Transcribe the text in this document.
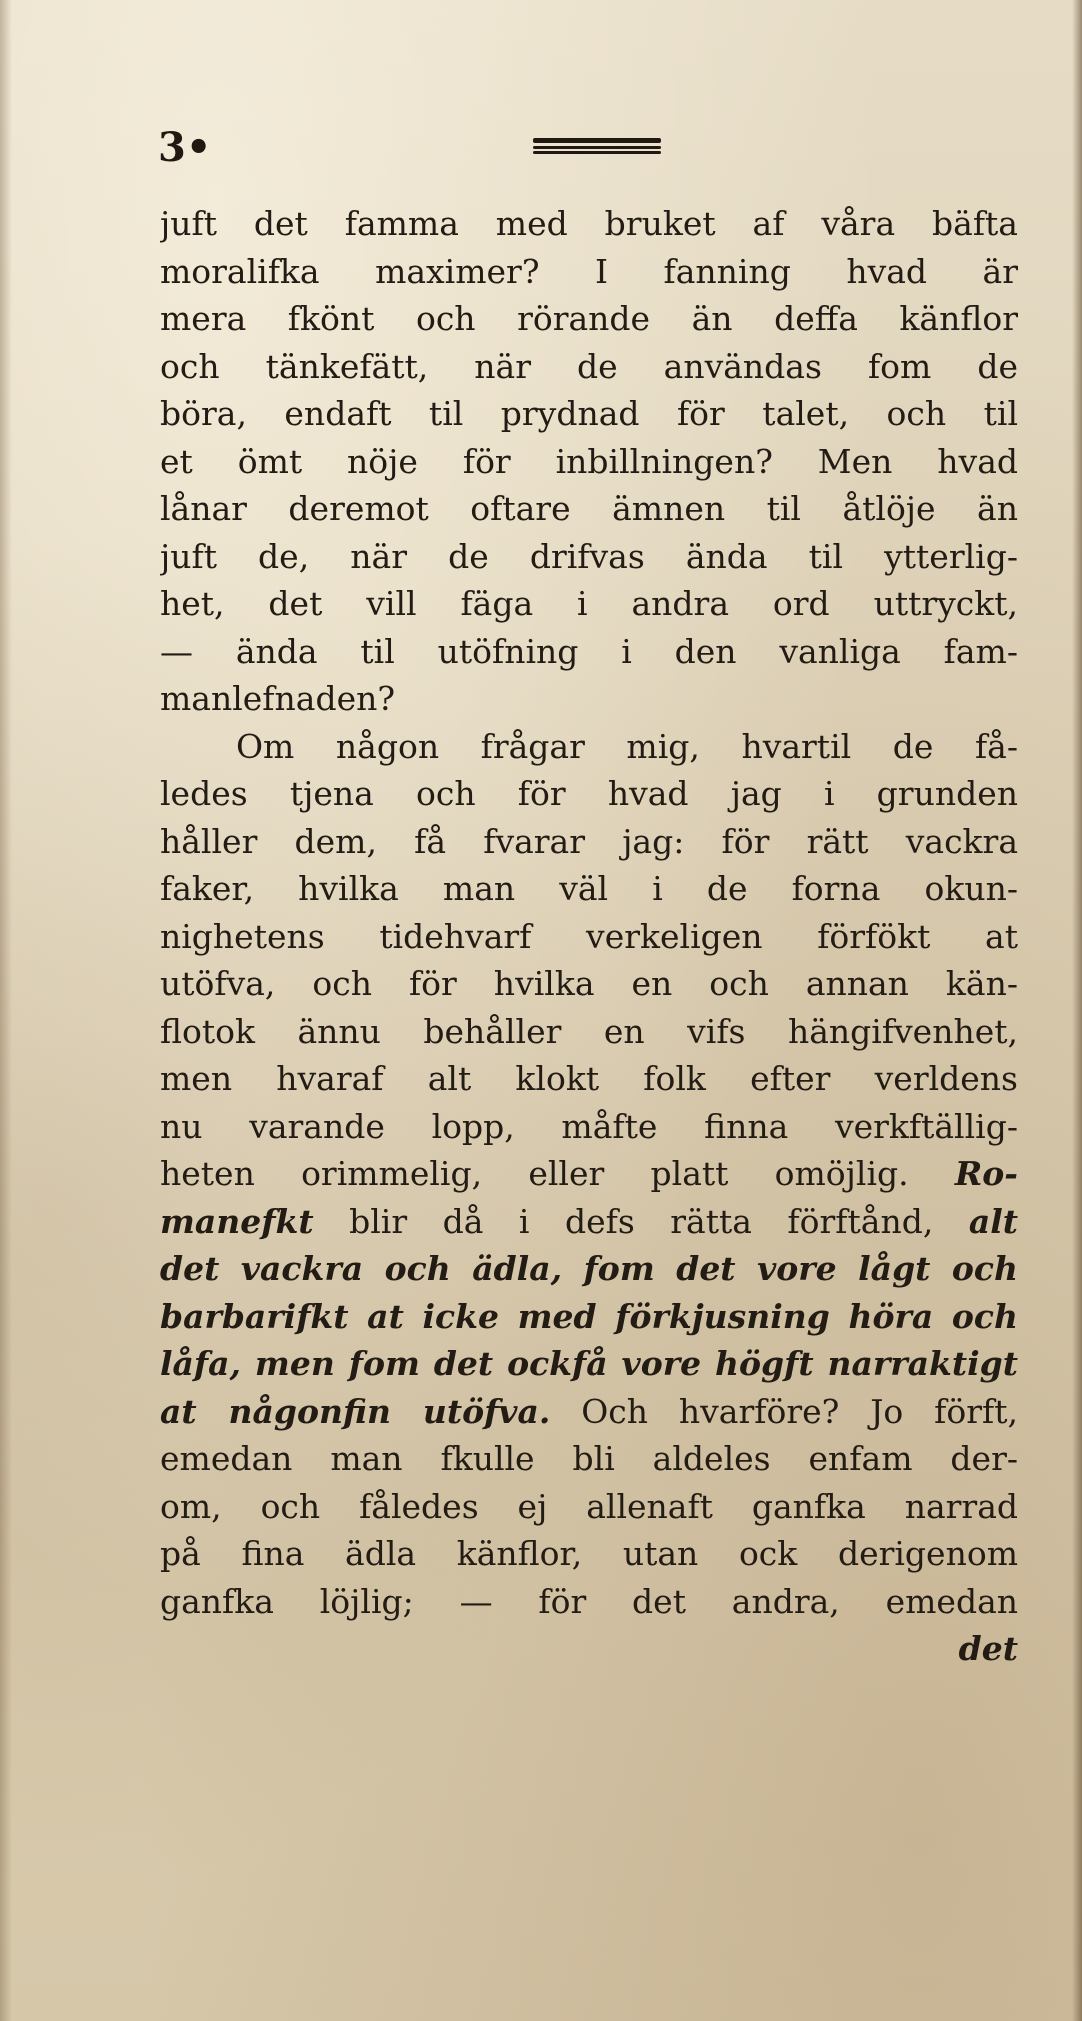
3•
juft det famma med bruket af våra bäfta
moralifka maximer? I fanning hvad är
mera fkönt och rörande än deffa känflor
och tänkefätt, när de användas fom de
böra, endaft til prydnad för talet, och til
et ömt nöje för inbillningen? Men hvad
lånar deremot oftare ämnen til åtlöje än
juft de, när de drifvas ända til ytterlig-
het, det vill fäga i andra ord uttryckt,
— ända til utöfning i den vanliga fam-
manlefnaden?
Om någon frågar mig, hvartil de få-
ledes tjena och för hvad jag i grunden
håller dem, få fvarar jag: för rätt vackra
faker, hvilka man väl i de forna okun-
nighetens tidehvarf verkeligen förfökt at
utöfva, och för hvilka en och annan kän-
flotok ännu behåller en vifs hängifvenhet,
men hvaraf alt klokt folk efter verldens
nu varande lopp, måfte finna verkftällig-
heten orimmelig, eller platt omöjlig. Ro-
manefkt blir då i defs rätta förftånd, alt
det vackra och ädla, fom det vore lågt och
barbarifkt at icke med förkjusning höra och
låfa, men fom det ockfå vore högft narraktigt
at någonfin utöfva. Och hvarföre? Jo förft,
emedan man fkulle bli aldeles enfam der-
om, och fåledes ej allenaft ganfka narrad
på fina ädla känflor, utan ock derigenom
ganfka löjlig; — för det andra, emedan
det
